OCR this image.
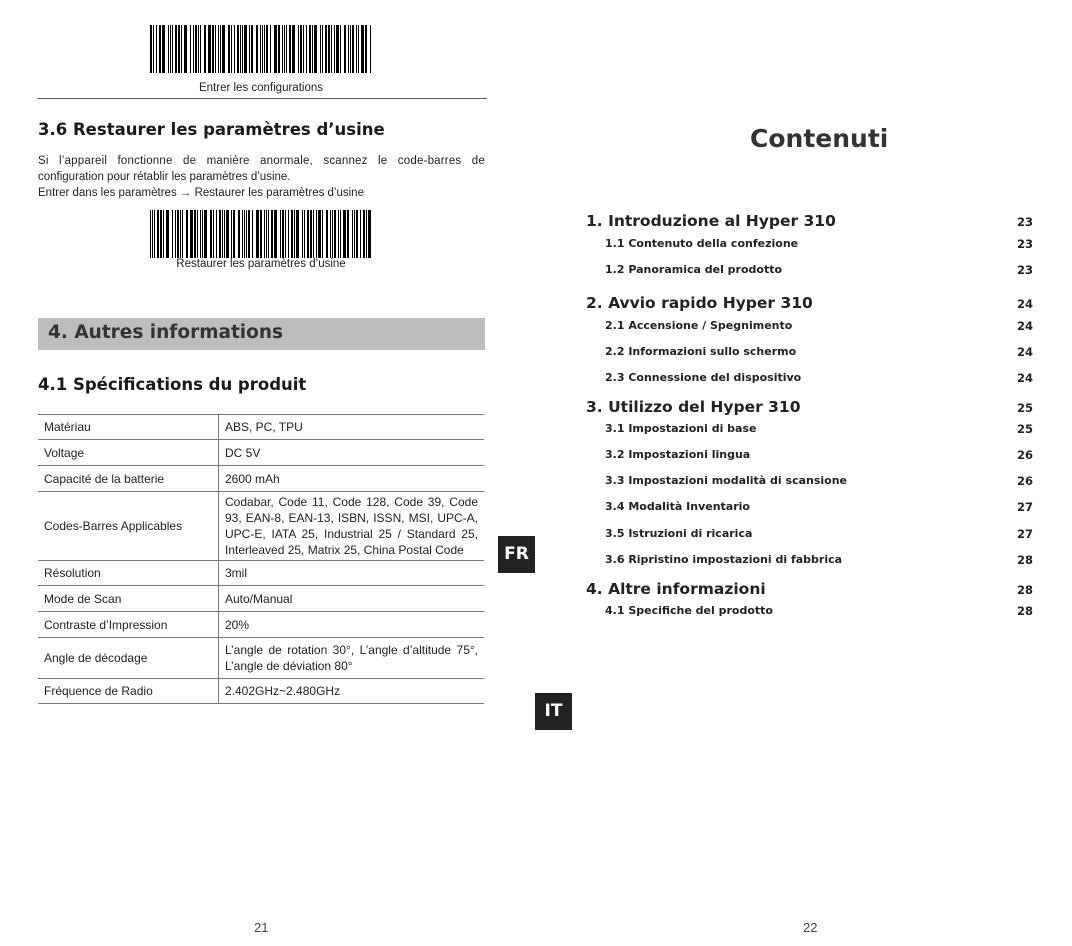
Entrer les configurations
3.6 Restaurer les paramètres d’usine
Si l’appareil fonctionne de manière anormale, scannez le code-barres de
configuration pour rétablir les paramètres d’usine.
Entrer dans les paramètres → Restaurer les paramètres d’usine
Restaurer les paramètres d’usine
4. Autres informations
4.1 Spécifications du produit
Matériau	ABS, PC, TPU
Voltage	DC 5V
Capacité de la batterie	2600 mAh
Codes-Barres Applicables	Codabar, Code 11, Code 128, Code 39, Code 93, EAN-8, EAN-13, ISBN, ISSN, MSI, UPC-A, UPC-E, IATA 25, Industrial 25 / Standard 25, Interleaved 25, Matrix 25, China Postal Code
Résolution	3mil
Mode de Scan	Auto/Manual
Contraste d’Impression	20%
Angle de décodage	L’angle de rotation 30°, L’angle d’altitude 75°, L’angle de déviation 80°
Fréquence de Radio	2.402GHz~2.480GHz
21
FR
IT
Contenuti
1. Introduzione al Hyper 310	23
1.1 Contenuto della confezione	23
1.2 Panoramica del prodotto	23
2. Avvio rapido Hyper 310	24
2.1 Accensione / Spegnimento	24
2.2 Informazioni sullo schermo	24
2.3 Connessione del dispositivo	24
3. Utilizzo del Hyper 310	25
3.1 Impostazioni di base	25
3.2 Impostazioni lingua	26
3.3 Impostazioni modalità di scansione	26
3.4 Modalità Inventario	27
3.5 Istruzioni di ricarica	27
3.6 Ripristino impostazioni di fabbrica	28
4. Altre informazioni	28
4.1 Specifiche del prodotto	28
22
